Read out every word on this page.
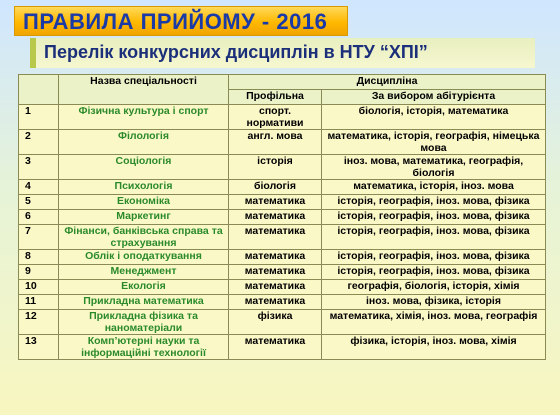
ПРАВИЛА ПРИЙОМУ - 2016
Перелік конкурсних дисциплін в НТУ “ХПІ”
	Назва спеціальності	Дисципліна	
		Профільна	За вибором абітурієнта
1	Фізична культура і спорт	спорт. нормативи	біологія, історія, математика
2	Філологія	англ. мова	математика, історія, географія, німецька мова
3	Соціологія	історія	іноз. мова, математика, географія, біологія
4	Психологія	біологія	математика, історія, іноз. мова
5	Економіка	математика	історія, географія, іноз. мова, фізика
6	Маркетинг	математика	історія, географія, іноз. мова, фізика
7	Фінанси, банківська справа та страхування	математика	історія, географія, іноз. мова, фізика
8	Облік і оподаткування	математика	історія, географія, іноз. мова, фізика
9	Менеджмент	математика	історія, географія, іноз. мова, фізика
10	Екологія	математика	географія, біологія, історія, хімія
11	Прикладна математика	математика	іноз. мова, фізика, історія
12	Прикладна фізика та наноматеріали	фізика	математика, хімія, іноз. мова, географія
13	Комп’ютерні науки та інформаційні технології	математика	фізика, історія, іноз. мова, хімія
